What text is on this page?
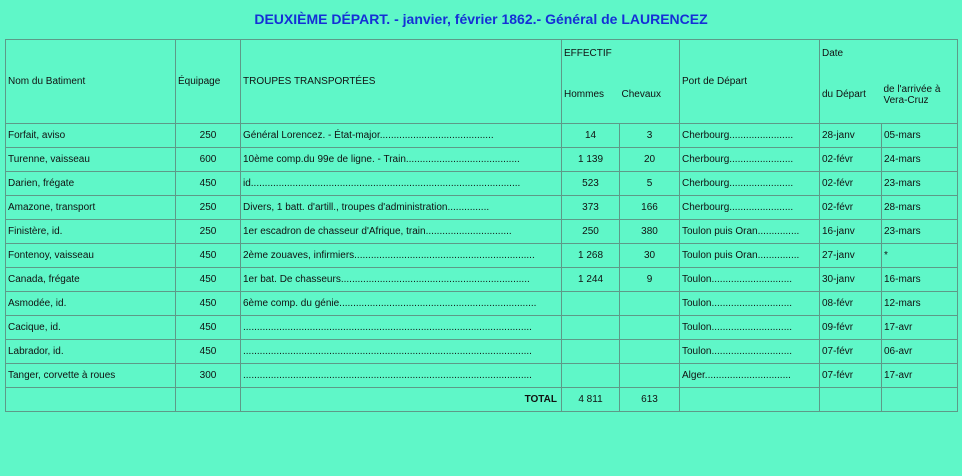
DEUXIÈME DÉPART. - janvier, février 1862.- Général de LAURENCEZ
Nom du Batiment	Équipage	TROUPES TRANSPORTÉES	EFFECTIF		Port de Départ	Date	
			Hommes	Chevaux		du Départ	de l'arrivée à Vera-Cruz
Forfait, aviso	250	Général Lorencez. - État-major.........................................	14	3	Cherbourg.......................	28-janv	05-mars
Turenne, vaisseau	600	10ème comp.du 99e de ligne. - Train.........................................	1 139	20	Cherbourg.......................	02-févr	24-mars
Darien, frégate	450	id.................................................................................................	523	5	Cherbourg.......................	02-févr	23-mars
Amazone, transport	250	Divers, 1 batt. d'artill., troupes d'administration...............	373	166	Cherbourg.......................	02-févr	28-mars
Finistère, id.	250	1er escadron de chasseur d'Afrique, train...............................	250	380	Toulon puis Oran...............	16-janv	23-mars
Fontenoy, vaisseau	450	2ème zouaves, infirmiers.................................................................	1 268	30	Toulon puis Oran...............	27-janv	*
Canada, frégate	450	1er bat. De chasseurs....................................................................	1 244	9	Toulon.............................	30-janv	16-mars
Asmodée, id.	450	6ème comp. du génie.......................................................................			Toulon.............................	08-févr	12-mars
Cacique, id.	450	........................................................................................................			Toulon.............................	09-févr	17-avr
Labrador, id.	450	........................................................................................................			Toulon.............................	07-févr	06-avr
Tanger, corvette à roues	300	........................................................................................................			Alger...............................	07-févr	17-avr
		TOTAL	4 811	613			
